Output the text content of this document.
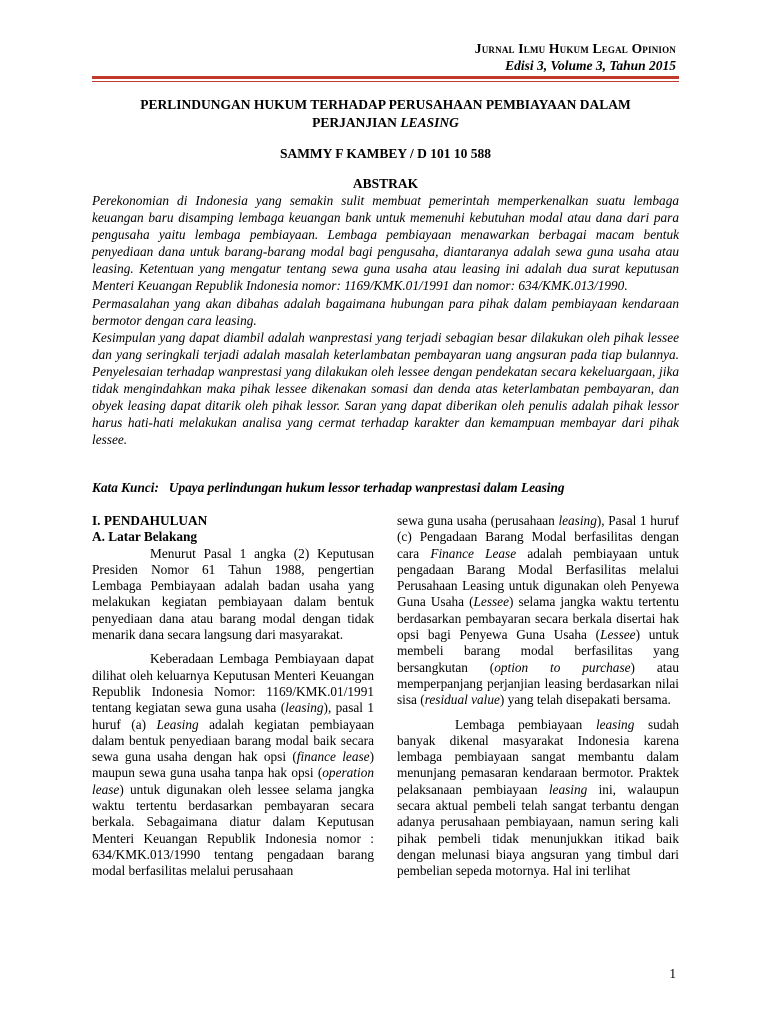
Jurnal Ilmu Hukum Legal Opinion
Edisi 3, Volume 3, Tahun 2015
PERLINDUNGAN HUKUM TERHADAP PERUSAHAAN PEMBIAYAAN DALAM
PERJANJIAN LEASING
SAMMY F KAMBEY / D 101 10 588
ABSTRAK

Perekonomian di Indonesia yang semakin sulit membuat pemerintah memperkenalkan suatu lembaga keuangan baru disamping lembaga keuangan bank untuk memenuhi kebutuhan modal atau dana dari para pengusaha yaitu lembaga pembiayaan. Lembaga pembiayaan menawarkan berbagai macam bentuk penyediaan dana untuk barang-barang modal bagi pengusaha, diantaranya adalah sewa guna usaha atau leasing. Ketentuan yang mengatur tentang sewa guna usaha atau leasing ini adalah dua surat keputusan Menteri Keuangan Republik Indonesia nomor: 1169/KMK.01/1991 dan nomor: 634/KMK.013/1990.

Permasalahan yang akan dibahas adalah bagaimana hubungan para pihak dalam pembiayaan kendaraan bermotor dengan cara leasing.

Kesimpulan yang dapat diambil adalah wanprestasi yang terjadi sebagian besar dilakukan oleh pihak lessee dan yang seringkali terjadi adalah masalah keterlambatan pembayaran uang angsuran pada tiap bulannya. Penyelesaian terhadap wanprestasi yang dilakukan oleh lessee dengan pendekatan secara kekeluargaan, jika tidak mengindahkan maka pihak lessee dikenakan somasi dan denda atas keterlambatan pembayaran, dan obyek leasing dapat ditarik oleh pihak lessor. Saran yang dapat diberikan oleh penulis adalah pihak lessor harus hati-hati melakukan analisa yang cermat terhadap karakter dan kemampuan membayar dari pihak lessee.

Kata Kunci: Upaya perlindungan hukum lessor terhadap wanprestasi dalam Leasing

I. PENDAHULUAN

A. Latar Belakang

Menurut Pasal 1 angka (2) Keputusan Presiden Nomor 61 Tahun 1988, pengertian Lembaga Pembiayaan adalah badan usaha yang melakukan kegiatan pembiayaan dalam bentuk penyediaan dana atau barang modal dengan tidak menarik dana secara langsung dari masyarakat.

Keberadaan Lembaga Pembiayaan dapat dilihat oleh keluarnya Keputusan Menteri Keuangan Republik Indonesia Nomor: 1169/KMK.01/1991 tentang kegiatan sewa guna usaha (leasing), pasal 1 huruf (a) Leasing adalah kegiatan pembiayaan dalam bentuk penyediaan barang modal baik secara sewa guna usaha dengan hak opsi (finance lease) maupun sewa guna usaha tanpa hak opsi (operation lease) untuk digunakan oleh lessee selama jangka waktu tertentu berdasarkan pembayaran secara berkala. Sebagaimana diatur dalam Keputusan Menteri Keuangan Republik Indonesia nomor : 634/KMK.013/1990 tentang pengadaan barang modal berfasilitas melalui perusahaan

sewa guna usaha (perusahaan leasing), Pasal 1 huruf (c) Pengadaan Barang Modal berfasilitas dengan cara Finance Lease adalah pembiayaan untuk pengadaan Barang Modal Berfasilitas melalui Perusahaan Leasing untuk digunakan oleh Penyewa Guna Usaha (Lessee) selama jangka waktu tertentu berdasarkan pembayaran secara berkala disertai hak opsi bagi Penyewa Guna Usaha (Lessee) untuk membeli barang modal berfasilitas yang bersangkutan (option to purchase) atau memperpanjang perjanjian leasing berdasarkan nilai sisa (residual value) yang telah disepakati bersama.

Lembaga pembiayaan leasing sudah banyak dikenal masyarakat Indonesia karena lembaga pembiayaan sangat membantu dalam menunjang pemasaran kendaraan bermotor. Praktek pelaksanaan pembiayaan leasing ini, walaupun secara aktual pembeli telah sangat terbantu dengan adanya perusahaan pembiayaan, namun sering kali pihak pembeli tidak menunjukkan itikad baik dengan melunasi biaya angsuran yang timbul dari pembelian sepeda motornya. Hal ini terlihat

1
